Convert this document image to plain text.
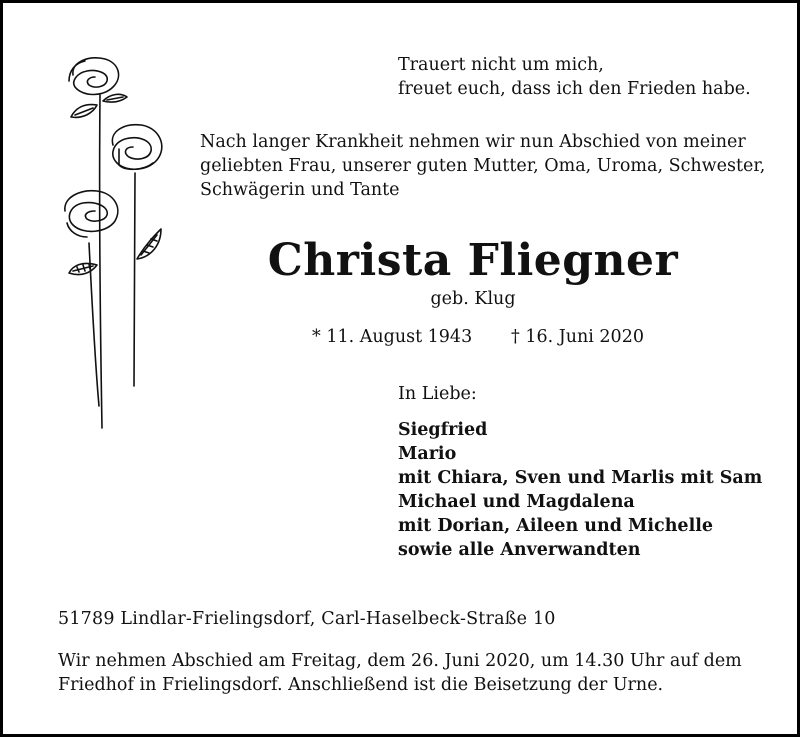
Trauert nicht um mich,
freuet euch, dass ich den Frieden habe.
Nach langer Krankheit nehmen wir nun Abschied von meiner
geliebten Frau, unserer guten Mutter, Oma, Uroma, Schwester,
Schwägerin und Tante
Christa Fliegner
geb. Klug
* 11. August 1943 † 16. Juni 2020
In Liebe:
Siegfried
Mario
mit Chiara, Sven und Marlis mit Sam
Michael und Magdalena
mit Dorian, Aileen und Michelle
sowie alle Anverwandten
51789 Lindlar-Frielingsdorf, Carl-Haselbeck-Straße 10
Wir nehmen Abschied am Freitag, dem 26. Juni 2020, um 14.30 Uhr auf dem
Friedhof in Frielingsdorf. Anschließend ist die Beisetzung der Urne.
